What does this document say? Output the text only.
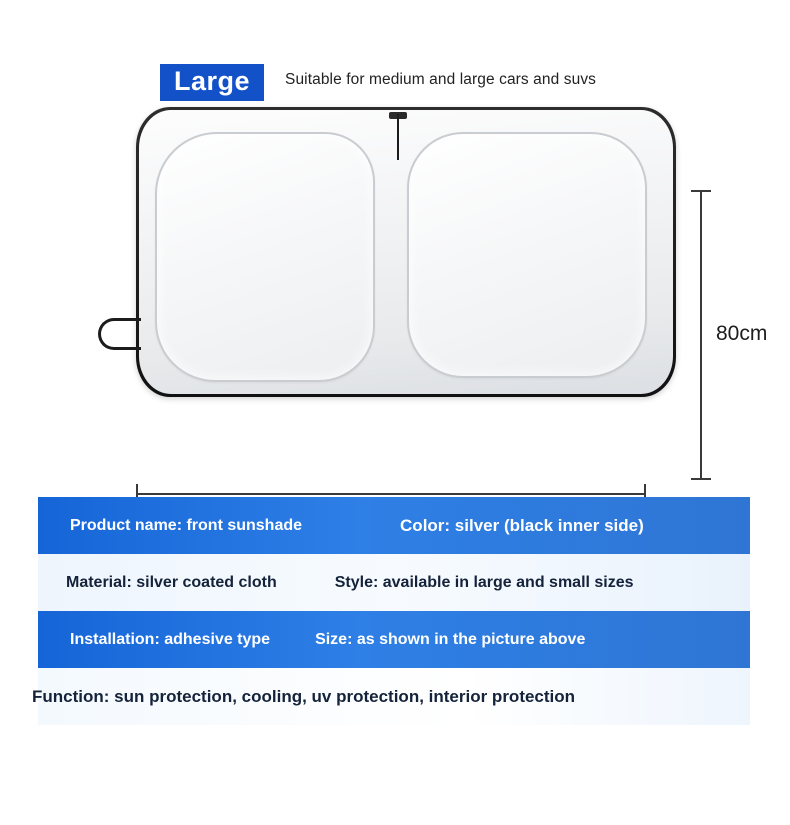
Large	Suitable for medium and large cars and suvs
80cm
Product name: front sunshade	Color: silver (black inner side)
Material: silver coated cloth	Style: available in large and small sizes
Installation: adhesive type	Size: as shown in the picture above
Function: sun protection, cooling, uv protection, interior protection
